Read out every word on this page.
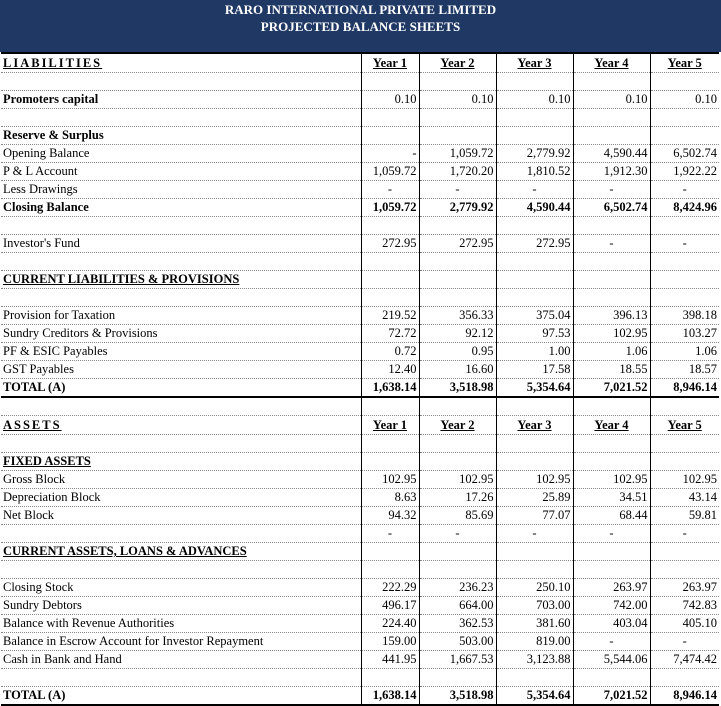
RARO INTERNATIONAL PRIVATE LIMITED
PROJECTED BALANCE SHEETS
LIABILITIES	Year 1	Year 2	Year 3	Year 4	Year 5

Promoters capital	0.10	0.10	0.10	0.10	0.10

Reserve & Surplus					
Opening Balance	-	1,059.72	2,779.92	4,590.44	6,502.74
P & L Account	1,059.72	1,720.20	1,810.52	1,912.30	1,922.22
Less Drawings	-	-	-	-	-
Closing Balance	1,059.72	2,779.92	4,590.44	6,502.74	8,424.96

Investor's Fund	272.95	272.95	272.95	-	-

CURRENT LIABILITIES & PROVISIONS					

Provision for Taxation	219.52	356.33	375.04	396.13	398.18
Sundry Creditors & Provisions	72.72	92.12	97.53	102.95	103.27
PF & ESIC Payables	0.72	0.95	1.00	1.06	1.06
GST Payables	12.40	16.60	17.58	18.55	18.57
TOTAL (A)	1,638.14	3,518.98	5,354.64	7,021.52	8,946.14

ASSETS	Year 1	Year 2	Year 3	Year 4	Year 5

FIXED ASSETS					
Gross Block	102.95	102.95	102.95	102.95	102.95
Depreciation Block	8.63	17.26	25.89	34.51	43.14
Net Block	94.32	85.69	77.07	68.44	59.81
	-	-	-	-	-
CURRENT ASSETS, LOANS & ADVANCES					

Closing Stock	222.29	236.23	250.10	263.97	263.97
Sundry Debtors	496.17	664.00	703.00	742.00	742.83
Balance with Revenue Authorities	224.40	362.53	381.60	403.04	405.10
Balance in Escrow Account for Investor Repayment	159.00	503.00	819.00	-	-
Cash in Bank and Hand	441.95	1,667.53	3,123.88	5,544.06	7,474.42

TOTAL (A)	1,638.14	3,518.98	5,354.64	7,021.52	8,946.14
